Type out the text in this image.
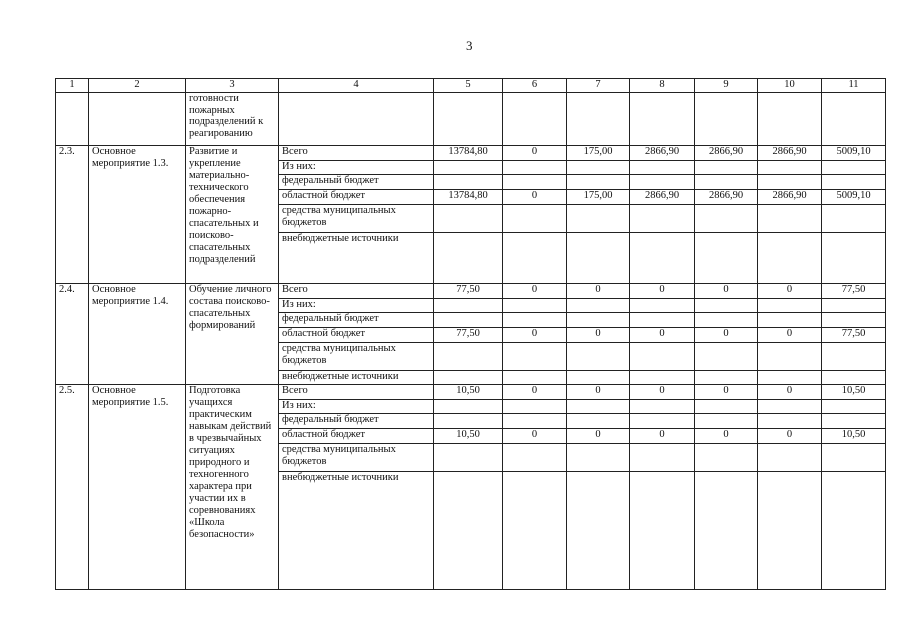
3
1	2	3	4	5	6	7	8	9	10	11
		готовности пожарных подразделений к реагированию								
2.3.	Основное мероприятие 1.3.	Развитие и укрепление материально-технического обеспечения пожарно-спасательных и поисково-спасательных подразделений	Всего	13784,80	0	175,00	2866,90	2866,90	2866,90	5009,10
			Из них:							
			федеральный бюджет							
			областной бюджет	13784,80	0	175,00	2866,90	2866,90	2866,90	5009,10
			средства муниципальных бюджетов							
			внебюджетные источники							
2.4.	Основное мероприятие 1.4.	Обучение личного состава поисково-спасательных формирований	Всего	77,50	0	0	0	0	0	77,50
			Из них:							
			федеральный бюджет							
			областной бюджет	77,50	0	0	0	0	0	77,50
			средства муниципальных бюджетов							
			внебюджетные источники							
2.5.	Основное мероприятие 1.5.	Подготовка учащихся практическим навыкам действий в чрезвычайных ситуациях природного и техногенного характера при участии их в соревнованиях «Школа безопасности»	Всего	10,50	0	0	0	0	0	10,50
			Из них:							
			федеральный бюджет							
			областной бюджет	10,50	0	0	0	0	0	10,50
			средства муниципальных бюджетов							
			внебюджетные источники							
